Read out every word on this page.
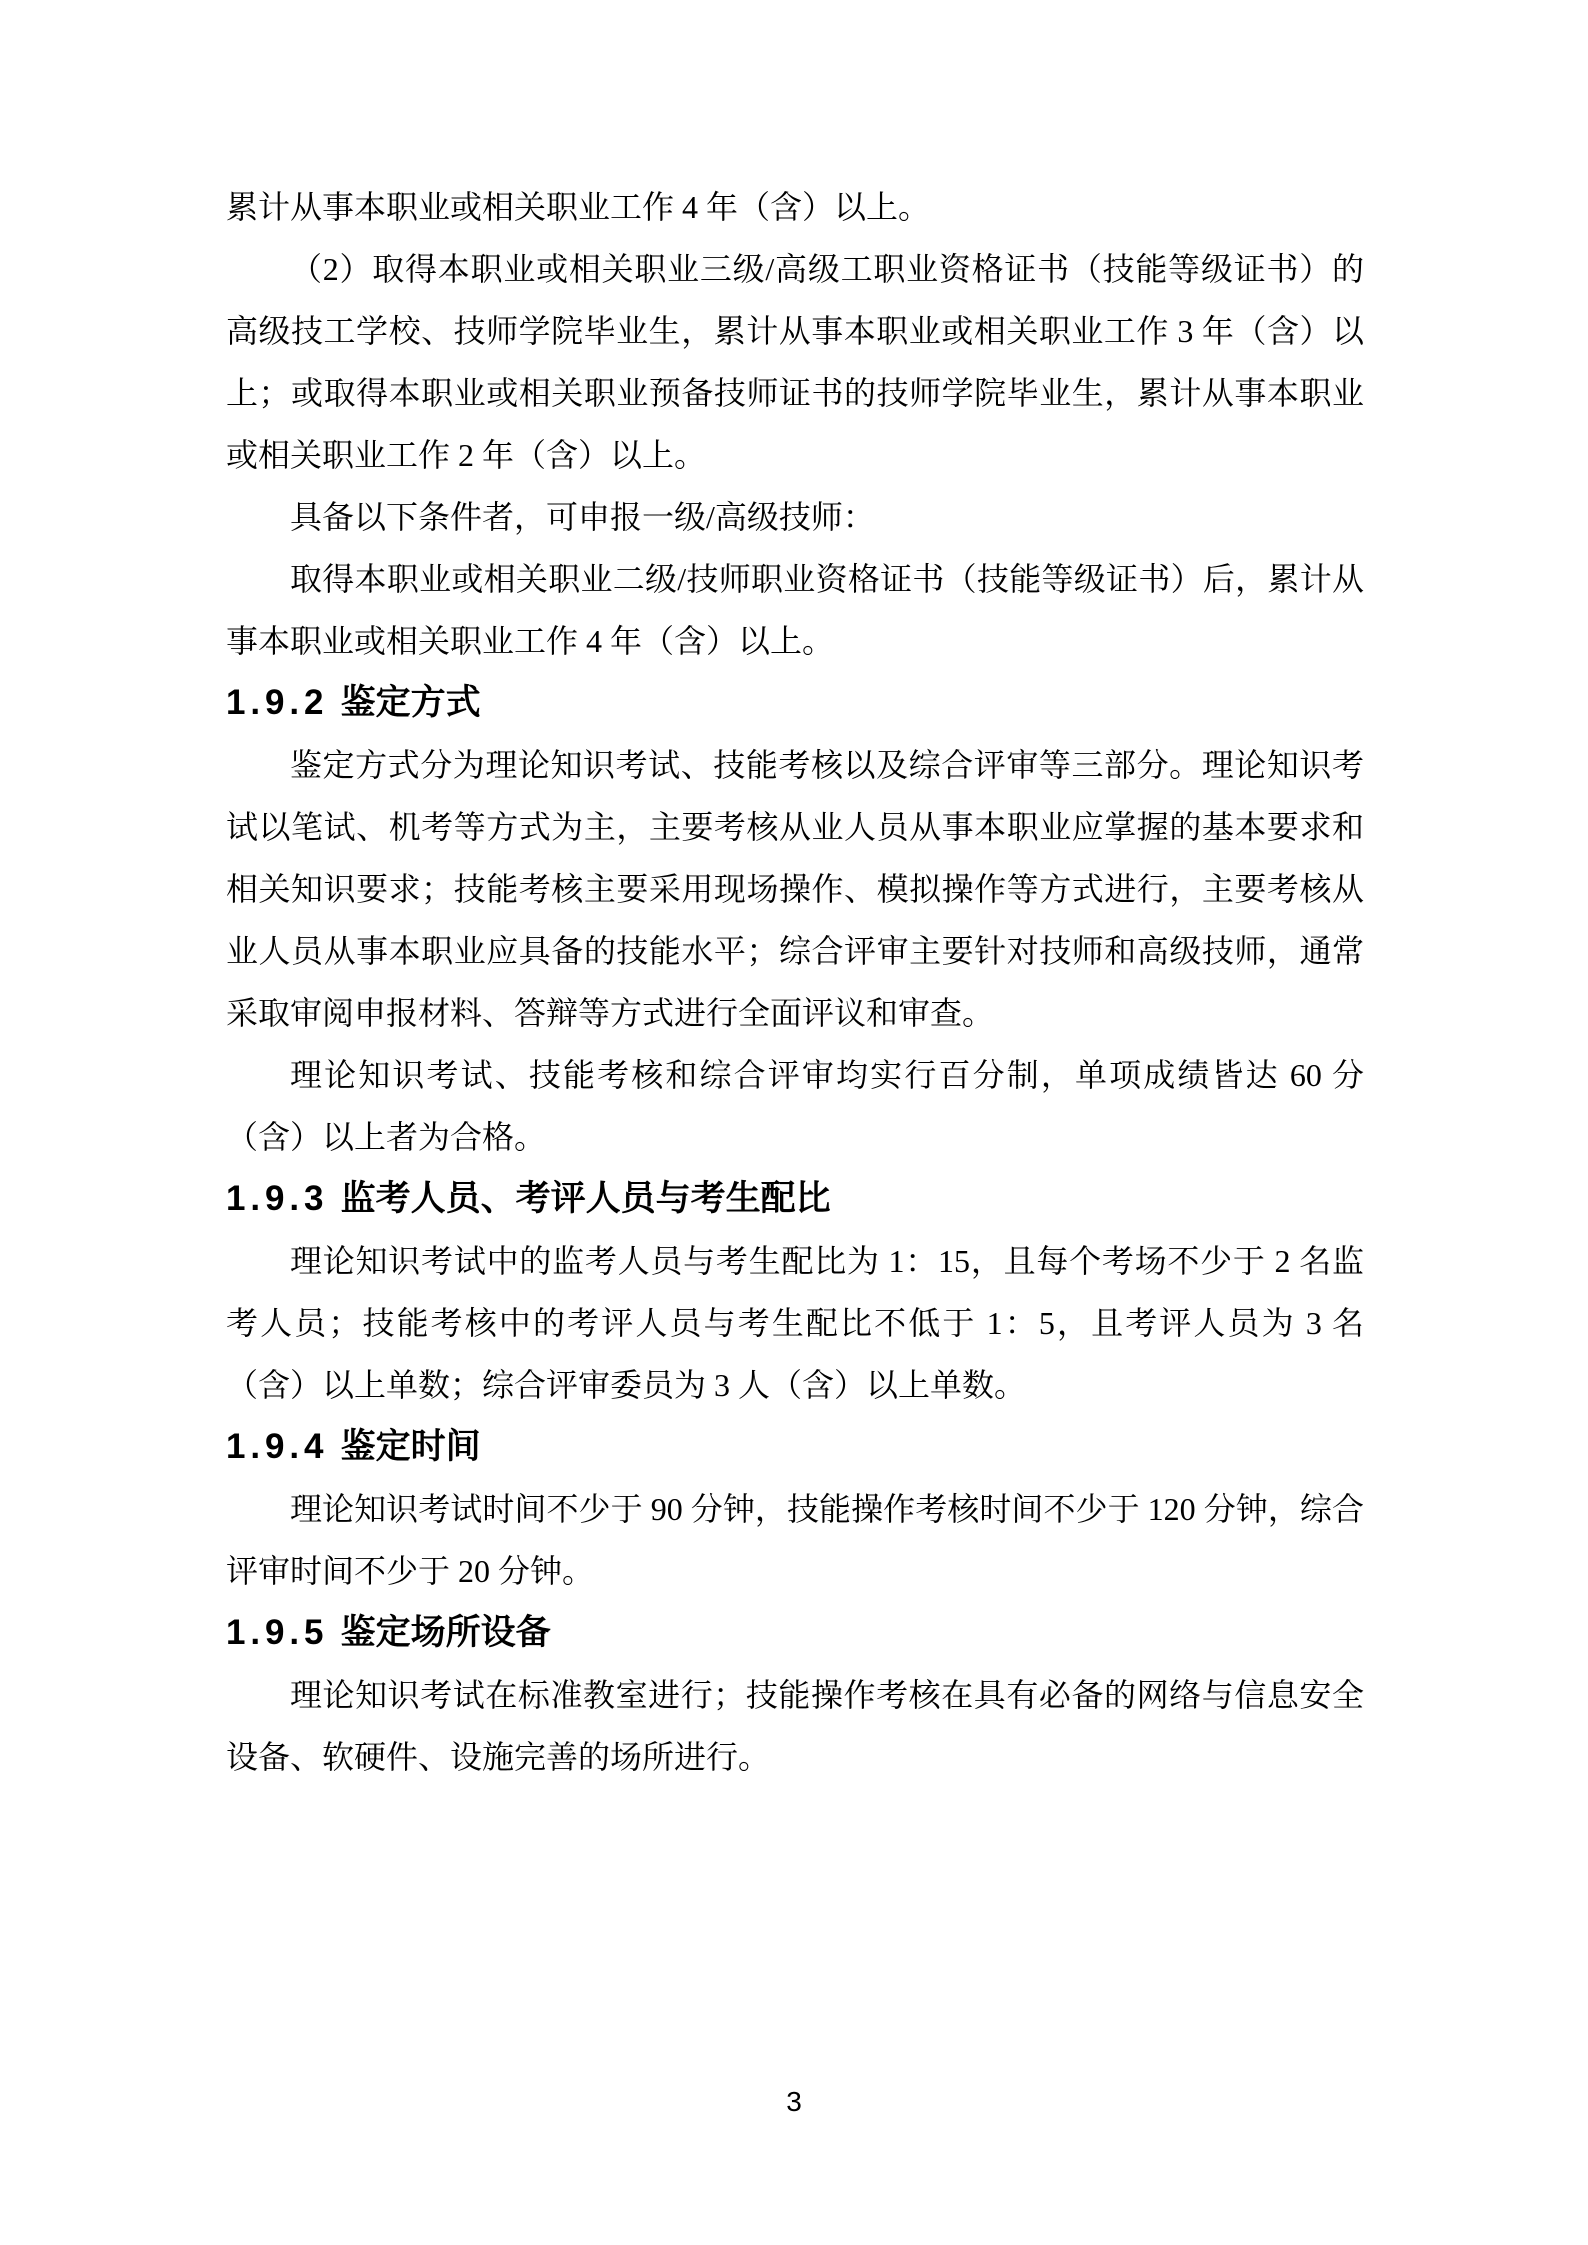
累计从事本职业或相关职业工作 4 年（含）以上。

（2）取得本职业或相关职业三级/高级工职业资格证书（技能等级证书）的高级技工学校、技师学院毕业生，累计从事本职业或相关职业工作 3 年（含）以上；或取得本职业或相关职业预备技师证书的技师学院毕业生，累计从事本职业或相关职业工作 2 年（含）以上。

具备以下条件者，可申报一级/高级技师：

取得本职业或相关职业二级/技师职业资格证书（技能等级证书）后，累计从事本职业或相关职业工作 4 年（含）以上。

1.9.2 鉴定方式

鉴定方式分为理论知识考试、技能考核以及综合评审等三部分。理论知识考试以笔试、机考等方式为主，主要考核从业人员从事本职业应掌握的基本要求和相关知识要求；技能考核主要采用现场操作、模拟操作等方式进行，主要考核从业人员从事本职业应具备的技能水平；综合评审主要针对技师和高级技师，通常采取审阅申报材料、答辩等方式进行全面评议和审查。

理论知识考试、技能考核和综合评审均实行百分制，单项成绩皆达 60 分（含）以上者为合格。

1.9.3 监考人员、考评人员与考生配比

理论知识考试中的监考人员与考生配比为 1：15，且每个考场不少于 2 名监考人员；技能考核中的考评人员与考生配比不低于 1：5，且考评人员为 3 名（含）以上单数；综合评审委员为 3 人（含）以上单数。

1.9.4 鉴定时间

理论知识考试时间不少于 90 分钟，技能操作考核时间不少于 120 分钟，综合评审时间不少于 20 分钟。

1.9.5 鉴定场所设备

理论知识考试在标准教室进行；技能操作考核在具有必备的网络与信息安全设备、软硬件、设施完善的场所进行。

3
